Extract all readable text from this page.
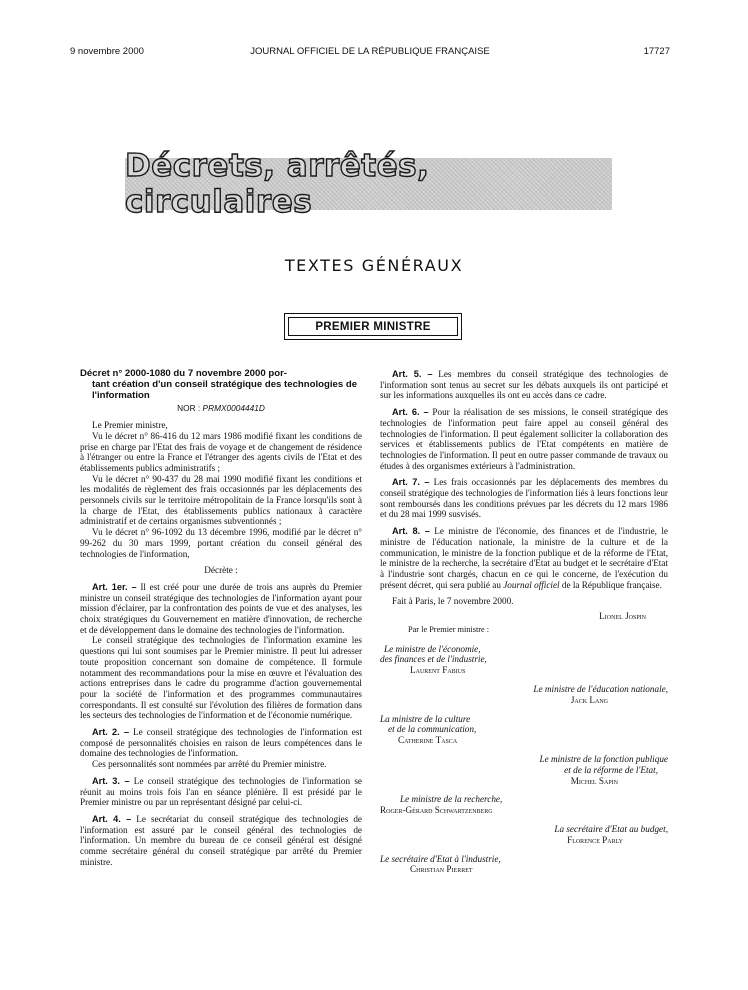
9 novembre 2000	JOURNAL OFFICIEL DE LA RÉPUBLIQUE FRANÇAISE	17727
Décrets, arrêtés, circulaires
TEXTES GÉNÉRAUX
PREMIER MINISTRE

Décret n° 2000-1080 du 7 novembre 2000 por-
tant création d'un conseil stratégique des technologies de l'information

NOR : PRMX0004441D

Le Premier ministre,

Vu le décret n° 86-416 du 12 mars 1986 modifié fixant les conditions de prise en charge par l'Etat des frais de voyage et de changement de résidence à l'étranger ou entre la France et l'étranger des agents civils de l'Etat et des établissements publics administratifs ;

Vu le décret n° 90-437 du 28 mai 1990 modifié fixant les conditions et les modalités de règlement des frais occasionnés par les déplacements des personnels civils sur le territoire métropolitain de la France lorsqu'ils sont à la charge de l'Etat, des établissements publics nationaux à caractère administratif et de certains organismes subventionnés ;

Vu le décret n° 96-1092 du 13 décembre 1996, modifié par le décret n° 99-262 du 30 mars 1999, portant création du conseil général des technologies de l'information,

Décrète :

Art. 1er. – Il est créé pour une durée de trois ans auprès du Premier ministre un conseil stratégique des technologies de l'information ayant pour mission d'éclairer, par la confrontation des points de vue et des analyses, les choix stratégiques du Gouvernement en matière d'innovation, de recherche et de développement dans le domaine des technologies de l'information.

Le conseil stratégique des technologies de l'information examine les questions qui lui sont soumises par le Premier ministre. Il peut lui adresser toute proposition concernant son domaine de compétence. Il formule notamment des recommandations pour la mise en œuvre et l'évaluation des actions entreprises dans le cadre du programme d'action gouvernemental pour la société de l'information et des programmes communautaires correspondants. Il est consulté sur l'évolution des filières de formation dans les secteurs des technologies de l'information et de l'économie numérique.

Art. 2. – Le conseil stratégique des technologies de l'information est composé de personnalités choisies en raison de leurs compétences dans le domaine des technologies de l'information.

Ces personnalités sont nommées par arrêté du Premier ministre.

Art. 3. – Le conseil stratégique des technologies de l'information se réunit au moins trois fois l'an en séance plénière. Il est présidé par le Premier ministre ou par un représentant désigné par celui-ci.

Art. 4. – Le secrétariat du conseil stratégique des technologies de l'information est assuré par le conseil général des technologies de l'information. Un membre du bureau de ce conseil général est désigné comme secrétaire général du conseil stratégique par arrêté du Premier ministre.

Art. 5. – Les membres du conseil stratégique des technologies de l'information sont tenus au secret sur les débats auxquels ils ont participé et sur les informations auxquelles ils ont eu accès dans ce cadre.

Art. 6. – Pour la réalisation de ses missions, le conseil stratégique des technologies de l'information peut faire appel au conseil général des technologies de l'information. Il peut également solliciter la collaboration des services et établissements publics de l'Etat compétents en matière de technologies de l'information. Il peut en outre passer commande de travaux ou études à des organismes extérieurs à l'administration.

Art. 7. – Les frais occasionnés par les déplacements des membres du conseil stratégique des technologies de l'information liés à leurs fonctions leur sont remboursés dans les conditions prévues par les décrets du 12 mars 1986 et du 28 mai 1999 susvisés.

Art. 8. – Le ministre de l'économie, des finances et de l'industrie, le ministre de l'éducation nationale, la ministre de la culture et de la communication, le ministre de la fonction publique et de la réforme de l'Etat, le ministre de la recherche, la secrétaire d'Etat au budget et le secrétaire d'Etat à l'industrie sont chargés, chacun en ce qui le concerne, de l'exécution du présent décret, qui sera publié au Journal officiel de la République française.

Fait à Paris, le 7 novembre 2000.

Lionel Jospin
Par le Premier ministre :
Le ministre de l'économie,
des finances et de l'industrie,
Laurent Fabius
Le ministre de l'éducation nationale,
Jack Lang
La ministre de la culture
et de la communication,
Catherine Tasca
Le ministre de la fonction publique
et de la réforme de l'Etat,
Michel Sapin
Le ministre de la recherche,
Roger-Gérard Schwartzenberg
La secrétaire d'Etat au budget,
Florence Parly
Le secrétaire d'Etat à l'industrie,
Christian Pierret
